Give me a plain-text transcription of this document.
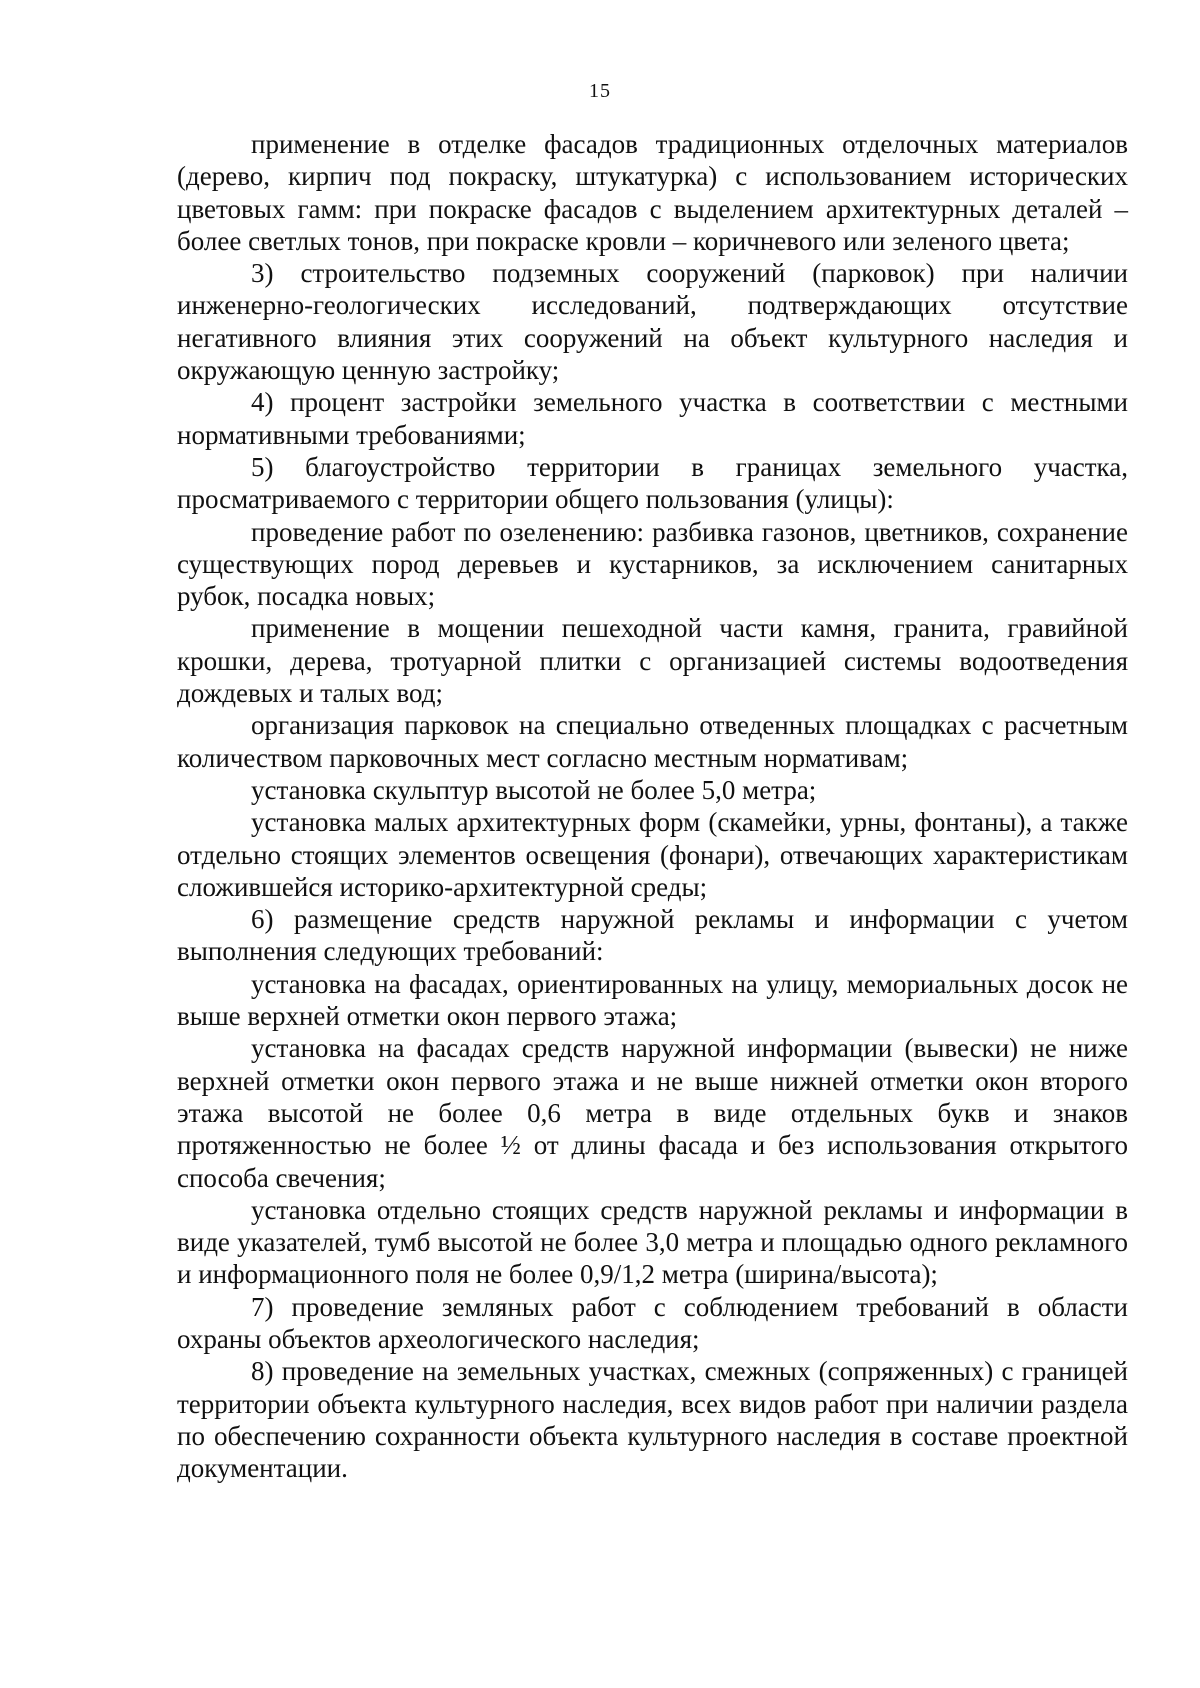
15

применение в отделке фасадов традиционных отделочных материалов (дерево, кирпич под покраску, штукатурка) с использованием исторических цветовых гамм: при покраске фасадов с выделением архитектурных деталей – более светлых тонов, при покраске кровли – коричневого или зеленого цвета;

3) строительство подземных сооружений (парковок) при наличии инженерно-геологических исследований, подтверждающих отсутствие негативного влияния этих сооружений на объект культурного наследия и окружающую ценную застройку;

4) процент застройки земельного участка в соответствии с местными нормативными требованиями;

5) благоустройство территории в границах земельного участка, просматриваемого с территории общего пользования (улицы):

проведение работ по озеленению: разбивка газонов, цветников, сохранение существующих пород деревьев и кустарников, за исключением санитарных рубок, посадка новых;

применение в мощении пешеходной части камня, гранита, гравийной крошки, дерева, тротуарной плитки с организацией системы водоотведения дождевых и талых вод;

организация парковок на специально отведенных площадках с расчетным количеством парковочных мест согласно местным нормативам;

установка скульптур высотой не более 5,0 метра;

установка малых архитектурных форм (скамейки, урны, фонтаны), а также отдельно стоящих элементов освещения (фонари), отвечающих характеристикам сложившейся историко-архитектурной среды;

6) размещение средств наружной рекламы и информации с учетом выполнения следующих требований:

установка на фасадах, ориентированных на улицу, мемориальных досок не выше верхней отметки окон первого этажа;

установка на фасадах средств наружной информации (вывески) не ниже верхней отметки окон первого этажа и не выше нижней отметки окон второго этажа высотой не более 0,6 метра в виде отдельных букв и знаков протяженностью не более ½ от длины фасада и без использования открытого способа свечения;

установка отдельно стоящих средств наружной рекламы и информации в виде указателей, тумб высотой не более 3,0 метра и площадью одного рекламного и информационного поля не более 0,9/1,2 метра (ширина/высота);

7) проведение земляных работ с соблюдением требований в области охраны объектов археологического наследия;

8) проведение на земельных участках, смежных (сопряженных) с границей территории объекта культурного наследия, всех видов работ при наличии раздела по обеспечению сохранности объекта культурного наследия в составе проектной документации.
